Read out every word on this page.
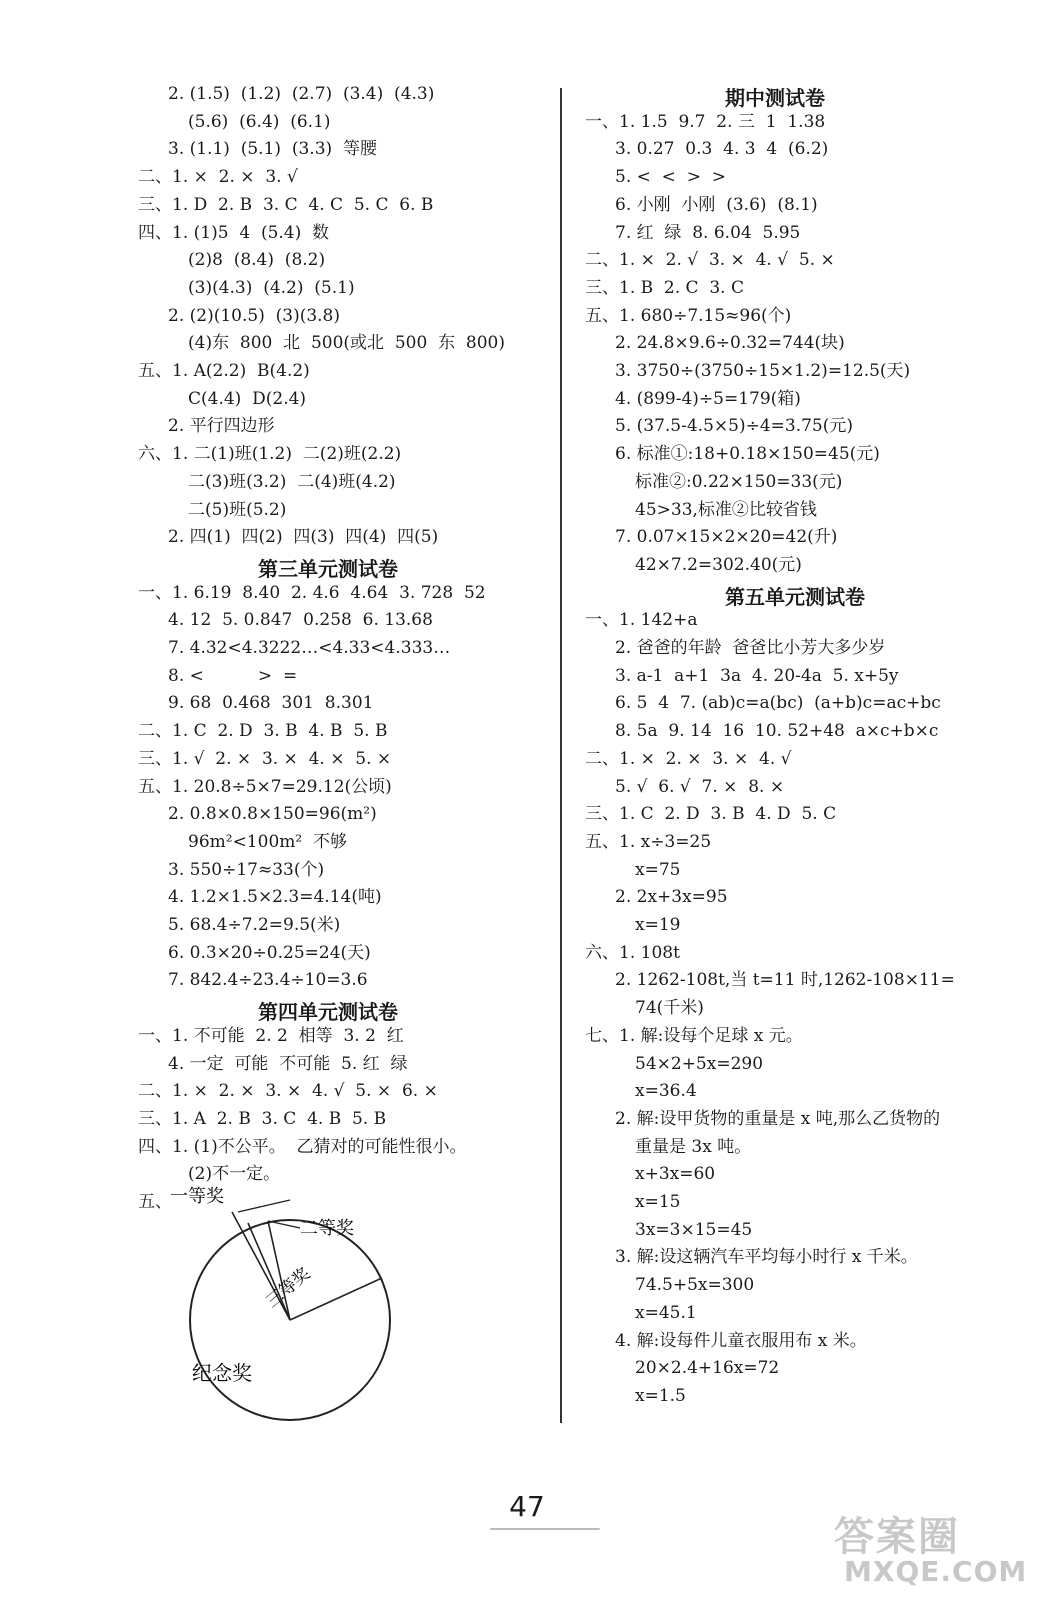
2. (1.5)  (1.2)  (2.7)  (3.4)  (4.3)
(5.6)  (6.4)  (6.1)
3. (1.1)  (5.1)  (3.3)  等腰
二、1. ×  2. ×  3. √
三、1. D  2. B  3. C  4. C  5. C  6. B
四、1. (1)5  4  (5.4)  数
(2)8  (8.4)  (8.2)
(3)(4.3)  (4.2)  (5.1)
2. (2)(10.5)  (3)(3.8)
(4)东  800  北  500(或北  500  东  800)
五、1. A(2.2)  B(4.2)
C(4.4)  D(2.4)
2. 平行四边形
六、1. 二(1)班(1.2)  二(2)班(2.2)
二(3)班(3.2)  二(4)班(4.2)
二(5)班(5.2)
2. 四(1)  四(2)  四(3)  四(4)  四(5)
第三单元测试卷
一、1. 6.19  8.40  2. 4.6  4.64  3. 728  52
4. 12  5. 0.847  0.258  6. 13.68
7. 4.32<4.3222…<4.33<4.333…
8. <          >  =
9. 68  0.468  301  8.301
二、1. C  2. D  3. B  4. B  5. B
三、1. √  2. ×  3. ×  4. ×  5. ×
五、1. 20.8÷5×7=29.12(公顷)
2. 0.8×0.8×150=96(m²)
96m²<100m²  不够
3. 550÷17≈33(个)
4. 1.2×1.5×2.3=4.14(吨)
5. 68.4÷7.2=9.5(米)
6. 0.3×20÷0.25=24(天)
7. 842.4÷23.4÷10=3.6
第四单元测试卷
一、1. 不可能  2. 2  相等  3. 2  红
4. 一定  可能  不可能  5. 红  绿
二、1. ×  2. ×  3. ×  4. √  5. ×  6. ×
三、1. A  2. B  3. C  4. B  5. B
四、1. (1)不公平。  乙猜对的可能性很小。
(2)不一定。
五、
期中测试卷
一、1. 1.5  9.7  2. 三  1  1.38
3. 0.27  0.3  4. 3  4  (6.2)
5. <  <  >  >
6. 小刚  小刚  (3.6)  (8.1)
7. 红  绿  8. 6.04  5.95
二、1. ×  2. √  3. ×  4. √  5. ×
三、1. B  2. C  3. C
五、1. 680÷7.15≈96(个)
2. 24.8×9.6÷0.32=744(块)
3. 3750÷(3750÷15×1.2)=12.5(天)
4. (899-4)÷5=179(箱)
5. (37.5-4.5×5)÷4=3.75(元)
6. 标准①:18+0.18×150=45(元)
标准②:0.22×150=33(元)
45>33,标准②比较省钱
7. 0.07×15×2×20=42(升)
42×7.2=302.40(元)
第五单元测试卷
一、1. 142+a
2. 爸爸的年龄  爸爸比小芳大多少岁
3. a-1  a+1  3a  4. 20-4a  5. x+5y
6. 5  4  7. (ab)c=a(bc)  (a+b)c=ac+bc
8. 5a  9. 14  16  10. 52+48  a×c+b×c
二、1. ×  2. ×  3. ×  4. √
5. √  6. √  7. ×  8. ×
三、1. C  2. D  3. B  4. D  5. C
五、1. x÷3=25
x=75
2. 2x+3x=95
x=19
六、1. 108t
2. 1262-108t,当 t=11 时,1262-108×11=
74(千米)
七、1. 解:设每个足球 x 元。
54×2+5x=290
x=36.4
2. 解:设甲货物的重量是 x 吨,那么乙货物的
重量是 3x 吨。
x+3x=60
x=15
3x=3×15=45
3. 解:设这辆汽车平均每小时行 x 千米。
74.5+5x=300
x=45.1
4. 解:设每件儿童衣服用布 x 米。
20×2.4+16x=72
x=1.5
一等奖
二等奖
三等奖
纪念奖
47
答案圈
MXQE.COM
